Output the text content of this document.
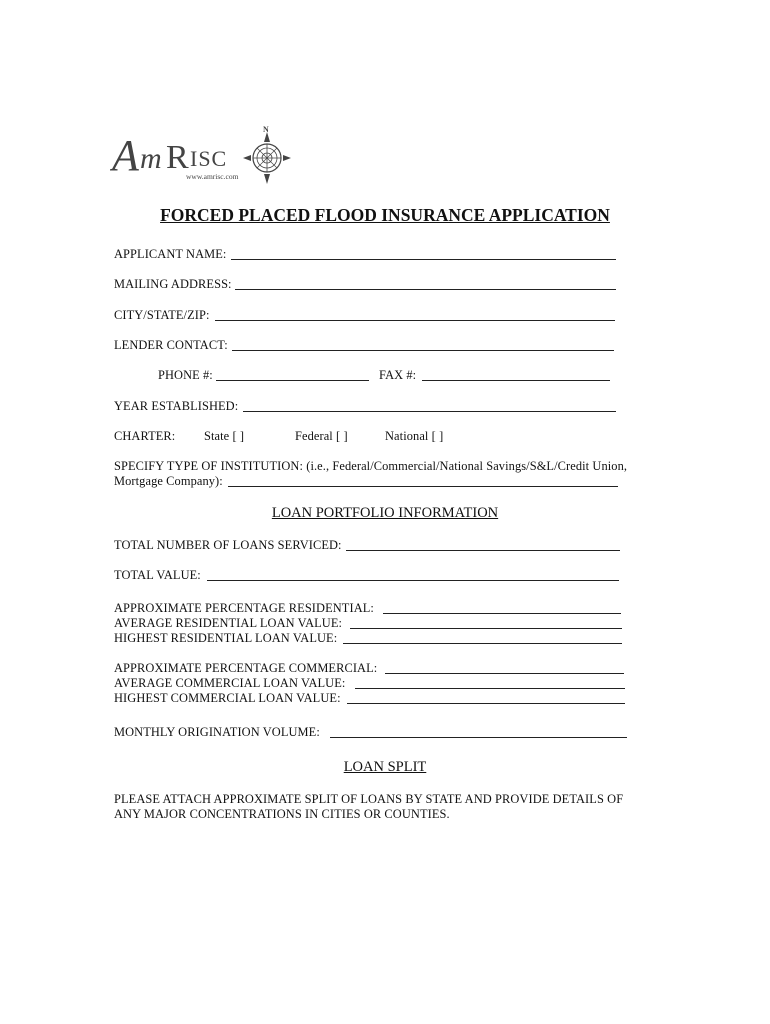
A m R ISC
www.amrisc.com
N
FORCED PLACED FLOOD INSURANCE APPLICATION
APPLICANT NAME:
MAILING ADDRESS:
CITY/STATE/ZIP:
LENDER CONTACT:
PHONE #:	FAX #:
YEAR ESTABLISHED:
CHARTER: State [ ]	Federal [ ]	National [ ]
SPECIFY TYPE OF INSTITUTION: (i.e., Federal/Commercial/National Savings/S&L/Credit Union,
Mortgage Company):
LOAN PORTFOLIO INFORMATION
TOTAL NUMBER OF LOANS SERVICED:
TOTAL VALUE:
APPROXIMATE PERCENTAGE RESIDENTIAL:
AVERAGE RESIDENTIAL LOAN VALUE:
HIGHEST RESIDENTIAL LOAN VALUE:
APPROXIMATE PERCENTAGE COMMERCIAL:
AVERAGE COMMERCIAL LOAN VALUE:
HIGHEST COMMERCIAL LOAN VALUE:
MONTHLY ORIGINATION VOLUME:
LOAN SPLIT
PLEASE ATTACH APPROXIMATE SPLIT OF LOANS BY STATE AND PROVIDE DETAILS OF
ANY MAJOR CONCENTRATIONS IN CITIES OR COUNTIES.
